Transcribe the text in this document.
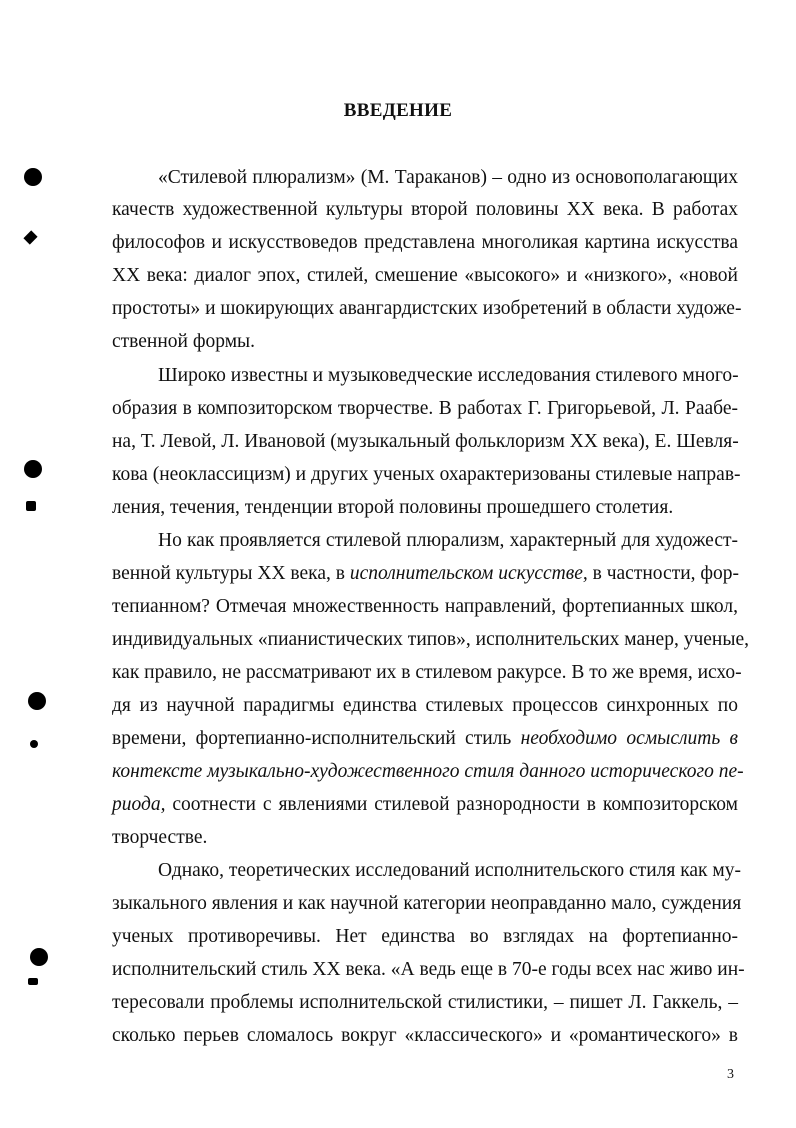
ВВЕДЕНИЕ
«Стилевой плюрализм» (М. Тараканов) – одно из основополагающих
качеств художественной культуры второй половины XX века. В работах
философов и искусствоведов представлена многоликая картина искусства
XX века: диалог эпох, стилей, смешение «высокого» и «низкого», «новой
простоты» и шокирующих авангардистских изобретений в области художе-
ственной формы.
Широко известны и музыковедческие исследования стилевого много-
образия в композиторском творчестве. В работах Г. Григорьевой, Л. Раабе-
на, Т. Левой, Л. Ивановой (музыкальный фольклоризм XX века), Е. Шевля-
кова (неоклассицизм) и других ученых охарактеризованы стилевые направ-
ления, течения, тенденции второй половины прошедшего столетия.
Но как проявляется стилевой плюрализм, характерный для художест-
венной культуры XX века, в исполнительском искусстве, в частности, фор-
тепианном? Отмечая множественность направлений, фортепианных школ,
индивидуальных «пианистических типов», исполнительских манер, ученые,
как правило, не рассматривают их в стилевом ракурсе. В то же время, исхо-
дя из научной парадигмы единства стилевых процессов синхронных по
времени, фортепианно-исполнительский стиль необходимо осмыслить в
контексте музыкально-художественного стиля данного исторического пе-
риода, соотнести с явлениями стилевой разнородности в композиторском
творчестве.
Однако, теоретических исследований исполнительского стиля как му-
зыкального явления и как научной категории неоправданно мало, суждения
ученых противоречивы. Нет единства во взглядах на фортепианно-
исполнительский стиль XX века. «А ведь еще в 70-е годы всех нас живо ин-
тересовали проблемы исполнительской стилистики, – пишет Л. Гаккель, –
сколько перьев сломалось вокруг «классического» и «романтического» в
3
